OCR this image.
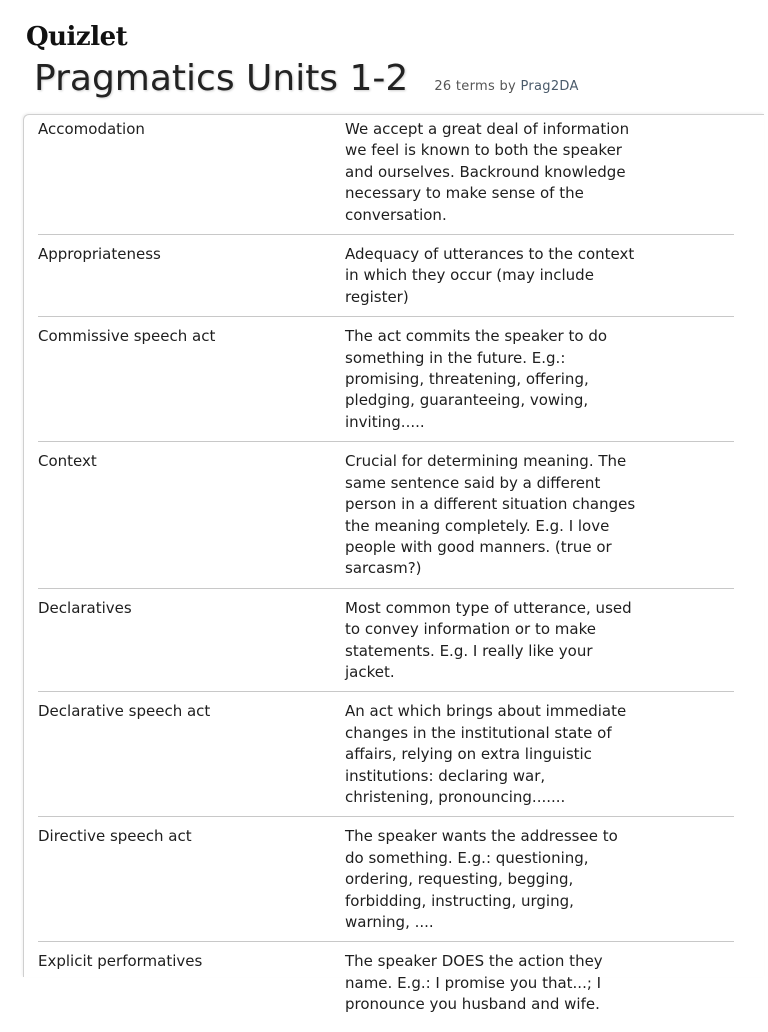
Quizlet
Pragmatics Units 1-2 26 terms by Prag2DA
Accomodation	We accept a great deal of information we feel is known to both the speaker and ourselves. Backround knowledge necessary to make sense of the conversation.
Appropriateness	Adequacy of utterances to the context in which they occur (may include register)
Commissive speech act	The act commits the speaker to do something in the future. E.g.: promising, threatening, offering, pledging, guaranteeing, vowing, inviting.....
Context	Crucial for determining meaning. The same sentence said by a different person in a different situation changes the meaning completely. E.g. I love people with good manners. (true or sarcasm?)
Declaratives	Most common type of utterance, used to convey information or to make statements. E.g. I really like your jacket.
Declarative speech act	An act which brings about immediate changes in the institutional state of affairs, relying on extra linguistic institutions: declaring war, christening, pronouncing.......
Directive speech act	The speaker wants the addressee to do something. E.g.: questioning, ordering, requesting, begging, forbidding, instructing, urging, warning, ....
Explicit performatives	The speaker DOES the action they name. E.g.: I promise you that...; I pronounce you husband and wife.
